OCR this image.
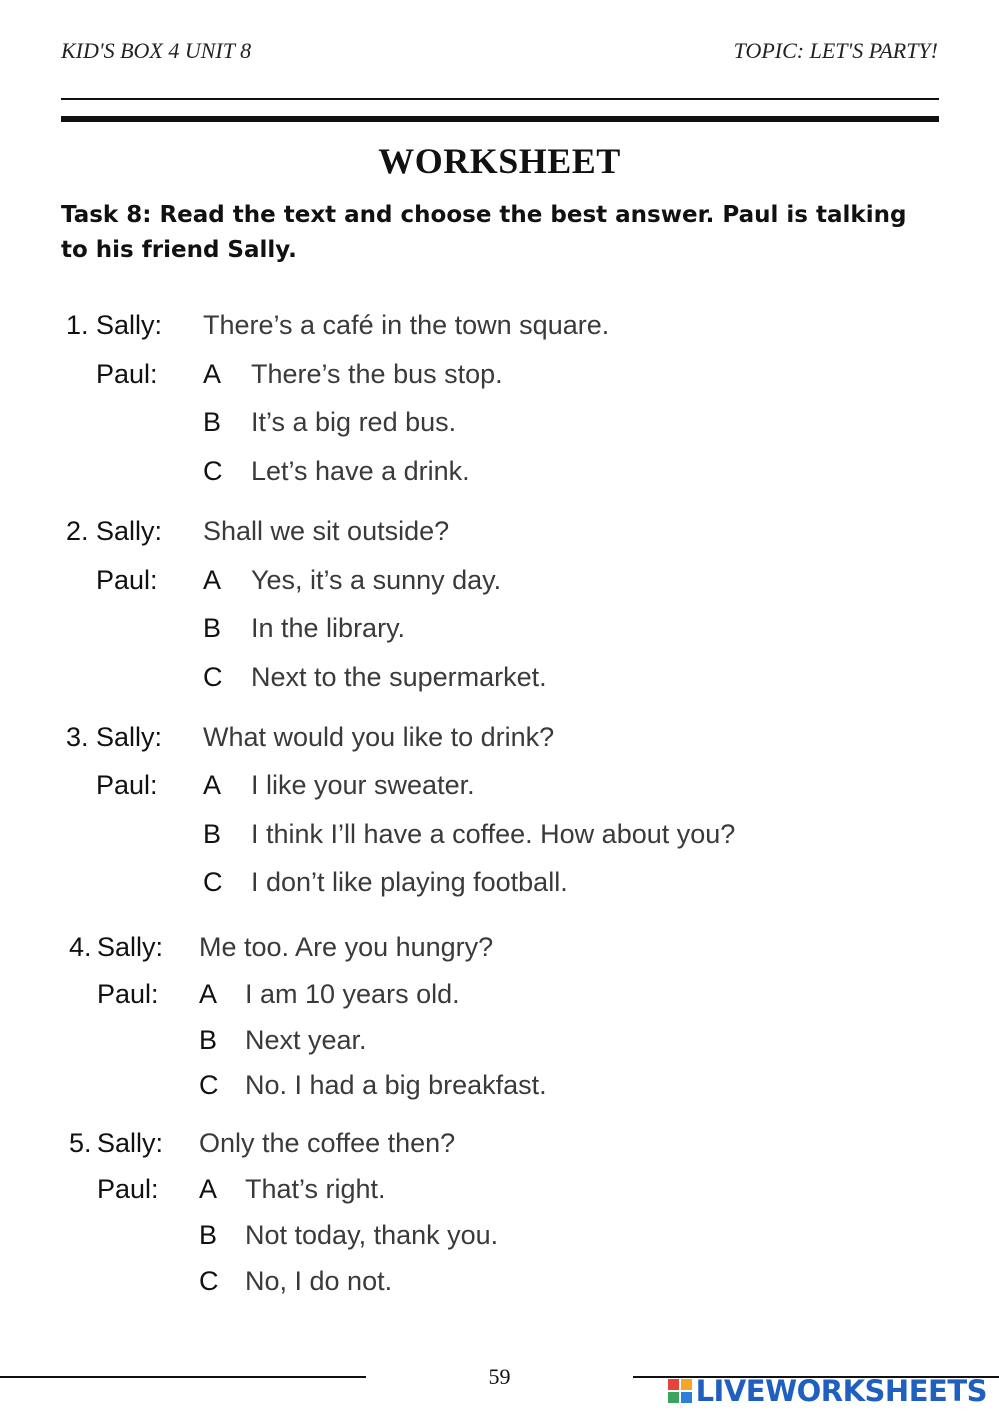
KID'S BOX 4 UNIT 8	TOPIC: LET'S PARTY!
WORKSHEET
Task 8: Read the text and choose the best answer. Paul is talking to his friend Sally.
1. Sally: There’s a café in the town square.
Paul: A There’s the bus stop.
B It’s a big red bus.
C Let’s have a drink.
2. Sally: Shall we sit outside?
Paul: A Yes, it’s a sunny day.
B In the library.
C Next to the supermarket.
3. Sally: What would you like to drink?
Paul: A I like your sweater.
B I think I’ll have a coffee. How about you?
C I don’t like playing football.
4. Sally: Me too. Are you hungry?
Paul: A I am 10 years old.
B Next year.
C No. I had a big breakfast.
5. Sally: Only the coffee then?
Paul: A That’s right.
B Not today, thank you.
C No, I do not.
59	LIVEWORKSHEETS
